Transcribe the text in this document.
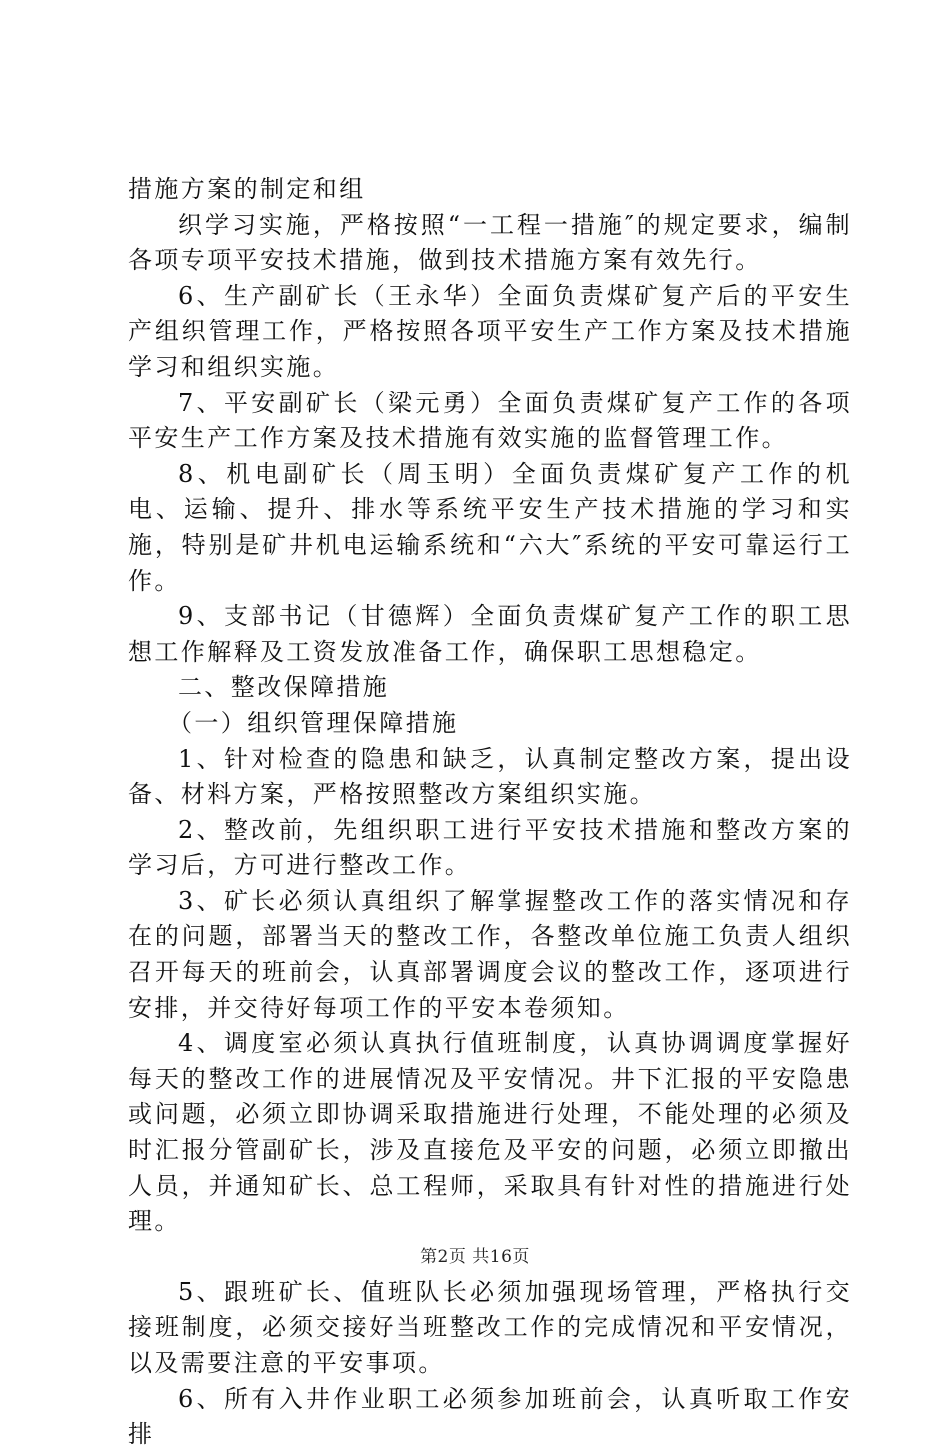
措施方案的制定和组

织学习实施，严格按照“一工程一措施″的规定要求，编制各项专项平安技术措施，做到技术措施方案有效先行。

6、生产副矿长（王永华）全面负责煤矿复产后的平安生产组织管理工作，严格按照各项平安生产工作方案及技术措施学习和组织实施。

7、平安副矿长（梁元勇）全面负责煤矿复产工作的各项平安生产工作方案及技术措施有效实施的监督管理工作。

8、机电副矿长（周玉明）全面负责煤矿复产工作的机电、运输、提升、排水等系统平安生产技术措施的学习和实施，特别是矿井机电运输系统和“六大″系统的平安可靠运行工作。

9、支部书记（甘德辉）全面负责煤矿复产工作的职工思想工作解释及工资发放准备工作，确保职工思想稳定。

二、整改保障措施

（一）组织管理保障措施

1、针对检查的隐患和缺乏，认真制定整改方案，提出设备、材料方案，严格按照整改方案组织实施。

2、整改前，先组织职工进行平安技术措施和整改方案的学习后，方可进行整改工作。

3、矿长必须认真组织了解掌握整改工作的落实情况和存在的问题，部署当天的整改工作，各整改单位施工负责人组织召开每天的班前会，认真部署调度会议的整改工作，逐项进行安排，并交待好每项工作的平安本卷须知。

4、调度室必须认真执行值班制度，认真协调调度掌握好每天的整改工作的进展情况及平安情况。井下汇报的平安隐患或问题，必须立即协调采取措施进行处理，不能处理的必须及时汇报分管副矿长，涉及直接危及平安的问题，必须立即撤出人员，并通知矿长、总工程师，采取具有针对性的措施进行处理。

5、跟班矿长、值班队长必须加强现场管理，严格执行交接班制度，必须交接好当班整改工作的完成情况和平安情况，以及需要注意的平安事项。

6、所有入井作业职工必须参加班前会，认真听取工作安排

第2页 共16页
